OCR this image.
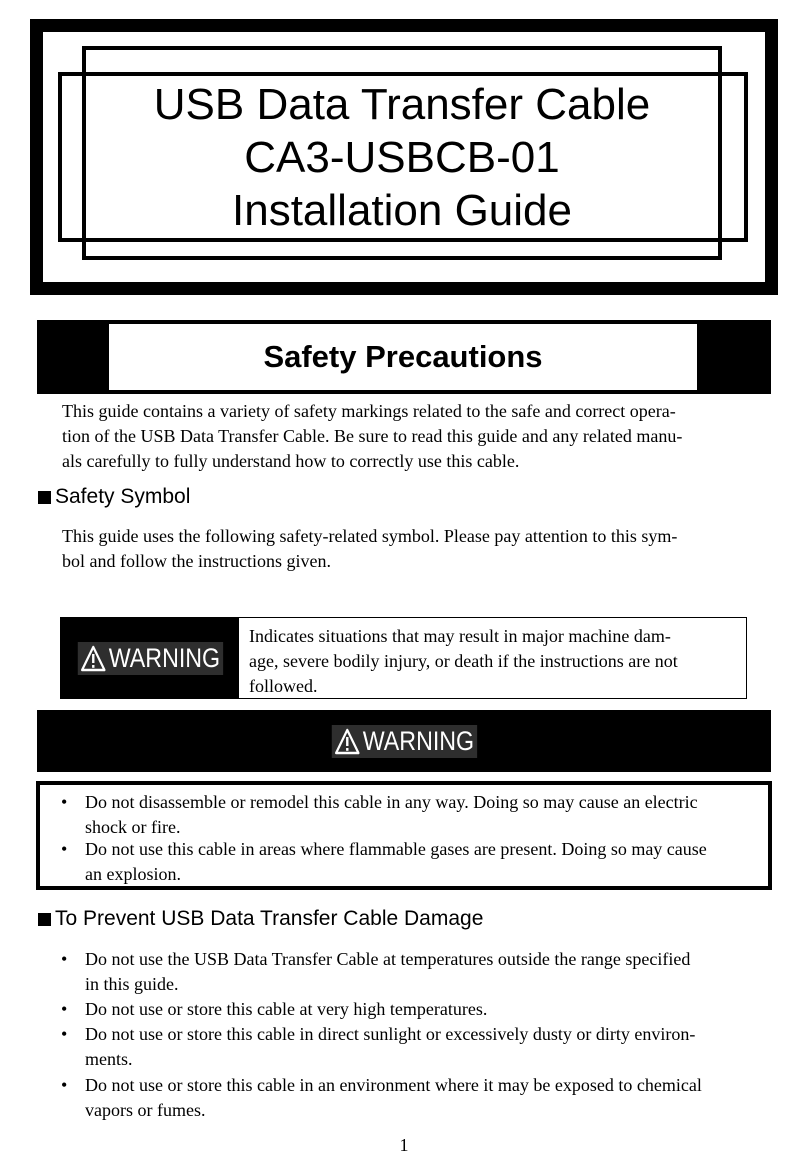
USB Data Transfer Cable
CA3-USBCB-01
Installation Guide
Safety Precautions
This guide contains a variety of safety markings related to the safe and correct opera-
tion of the USB Data Transfer Cable. Be sure to read this guide and any related manu-
als carefully to fully understand how to correctly use this cable.
Safety Symbol
This guide uses the following safety-related symbol. Please pay attention to this sym-
bol and follow the instructions given.
WARNING
Indicates situations that may result in major machine dam-
age, severe bodily injury, or death if the instructions are not
followed.
WARNING
• Do not disassemble or remodel this cable in any way. Doing so may cause an electric
shock or fire.
• Do not use this cable in areas where flammable gases are present. Doing so may cause
an explosion.
To Prevent USB Data Transfer Cable Damage
• Do not use the USB Data Transfer Cable at temperatures outside the range specified
in this guide.
• Do not use or store this cable at very high temperatures.
• Do not use or store this cable in direct sunlight or excessively dusty or dirty environ-
ments.
• Do not use or store this cable in an environment where it may be exposed to chemical
vapors or fumes.
1
